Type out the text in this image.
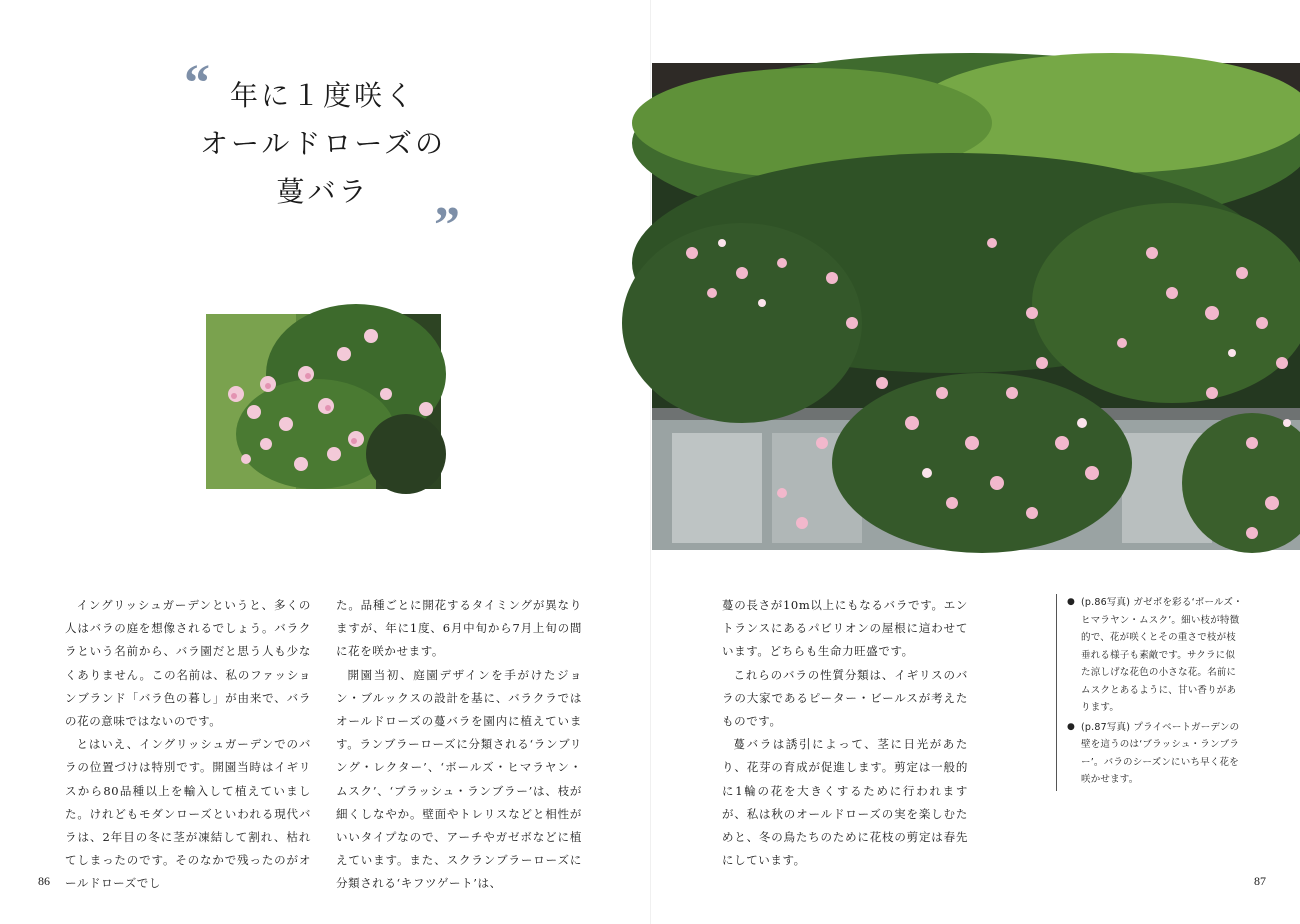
“ 年に１度咲く
オールドローズの
蔓バラ
”

イングリッシュガーデンというと、多くの人はバラの庭を想像されるでしょう。バラクラという名前から、バラ園だと思う人も少なくありません。この名前は、私のファッションブランド「バラ色の暮し」が由来で、バラの花の意味ではないのです。

とはいえ、イングリッシュガーデンでのバラの位置づけは特別です。開園当時はイギリスから80品種以上を輸入して植えていました。けれどもモダンローズといわれる現代バラは、2年目の冬に茎が凍結して割れ、枯れてしまったのです。そのなかで残ったのがオールドローズでし

た。品種ごとに開花するタイミングが異なりますが、年に1度、6月中旬から7月上旬の間に花を咲かせます。

開園当初、庭園デザインを手がけたジョン・ブルックスの設計を基に、バラクラではオールドローズの蔓バラを園内に植えています。ランブラーローズに分類される‘ランブリング・レクター’、‘ボールズ・ヒマラヤン・ムスク’、‘ブラッシュ・ランブラー’は、枝が細くしなやか。壁面やトレリスなどと相性がいいタイプなので、アーチやガゼボなどに植えています。また、スクランブラーローズに分類される‘キフツゲート’は、

86

蔓の長さが10m以上にもなるバラです。エントランスにあるパビリオンの屋根に這わせています。どちらも生命力旺盛です。

これらのバラの性質分類は、イギリスのバラの大家であるピーター・ビールスが考えたものです。

蔓バラは誘引によって、茎に日光があたり、花芽の育成が促進します。剪定は一般的に1輪の花を大きくするために行われますが、私は秋のオールドローズの実を楽しむためと、冬の鳥たちのために花枝の剪定は春先にしています。

● (p.86写真) ガゼボを彩る‘ボールズ・ヒマラヤン・ムスク’。細い枝が特徴的で、花が咲くとその重さで枝が枝垂れる様子も素敵です。サクラに似た涼しげな花色の小さな花。名前にムスクとあるように、甘い香りがあります。

● (p.87写真) プライベートガーデンの壁を這うのは‘ブラッシュ・ランブラー’。バラのシーズンにいち早く花を咲かせます。

87
